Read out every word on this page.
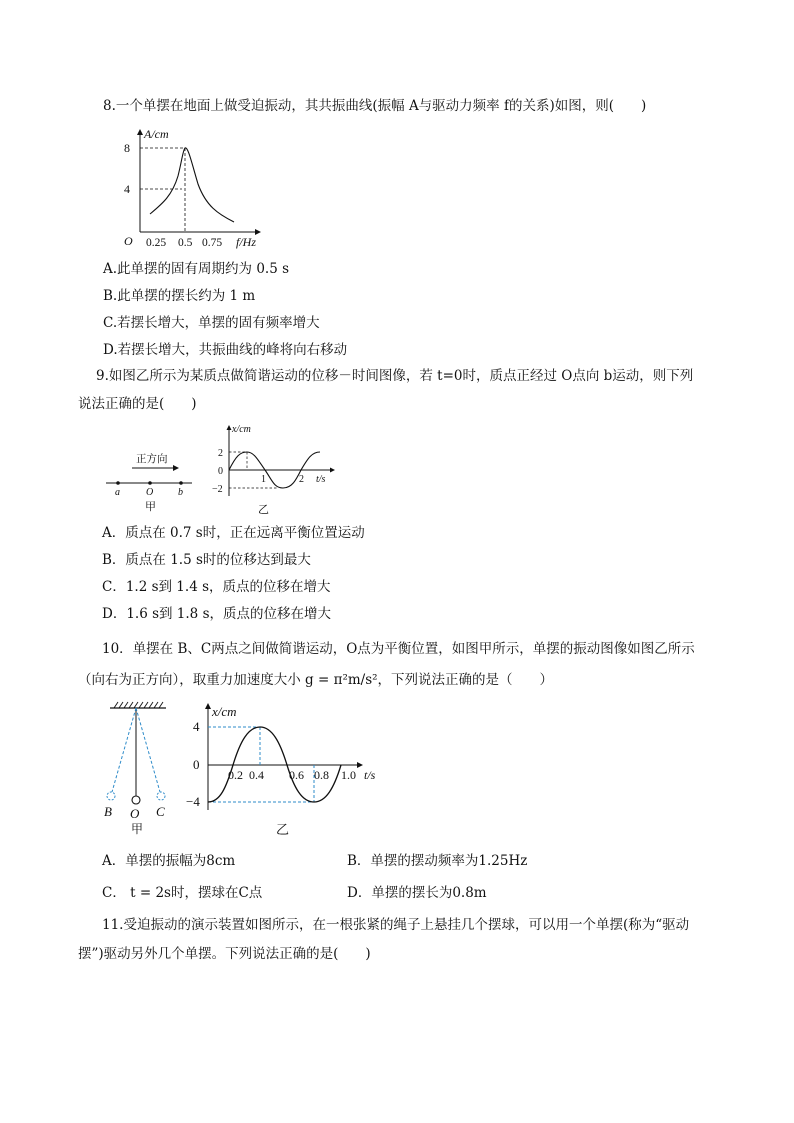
8.一个单摆在地面上做受迫振动，其共振曲线(振幅 A与驱动力频率 f的关系)如图，则(　　)
A/cm
8
4
O 0.25 0.5 0.75 f/Hz
A.此单摆的固有周期约为 0.5 s
B.此单摆的摆长约为 1 m
C.若摆长增大，单摆的固有频率增大
D.若摆长增大，共振曲线的峰将向右移动
9.如图乙所示为某质点做简谐运动的位移－时间图像，若 t=0时，质点正经过 O点向 b运动，则下列
说法正确的是(　　)
正方向
a	O b
甲
x/cm
2
0
−2
1	2 t/s
乙
A．质点在 0.7 s时，正在远离平衡位置运动
B．质点在 1.5 s时的位移达到最大
C．1.2 s到 1.4 s，质点的位移在增大
D．1.6 s到 1.8 s，质点的位移在增大
10．单摆在 B、C两点之间做简谐运动，O点为平衡位置，如图甲所示，单摆的振动图像如图乙所示
（向右为正方向），取重力加速度大小 g = π²m/s²，下列说法正确的是（　　）
B O C
甲
x/cm
4
0
−4
0.2 0.4 0.6 0.8 1.0 t/s
乙
A．单摆的振幅为8cm	B．单摆的摆动频率为1.25Hz
C． t = 2s时，摆球在C点	D．单摆的摆长为0.8m
11.受迫振动的演示装置如图所示，在一根张紧的绳子上悬挂几个摆球，可以用一个单摆(称为“驱动
摆”)驱动另外几个单摆。下列说法正确的是(　　)
